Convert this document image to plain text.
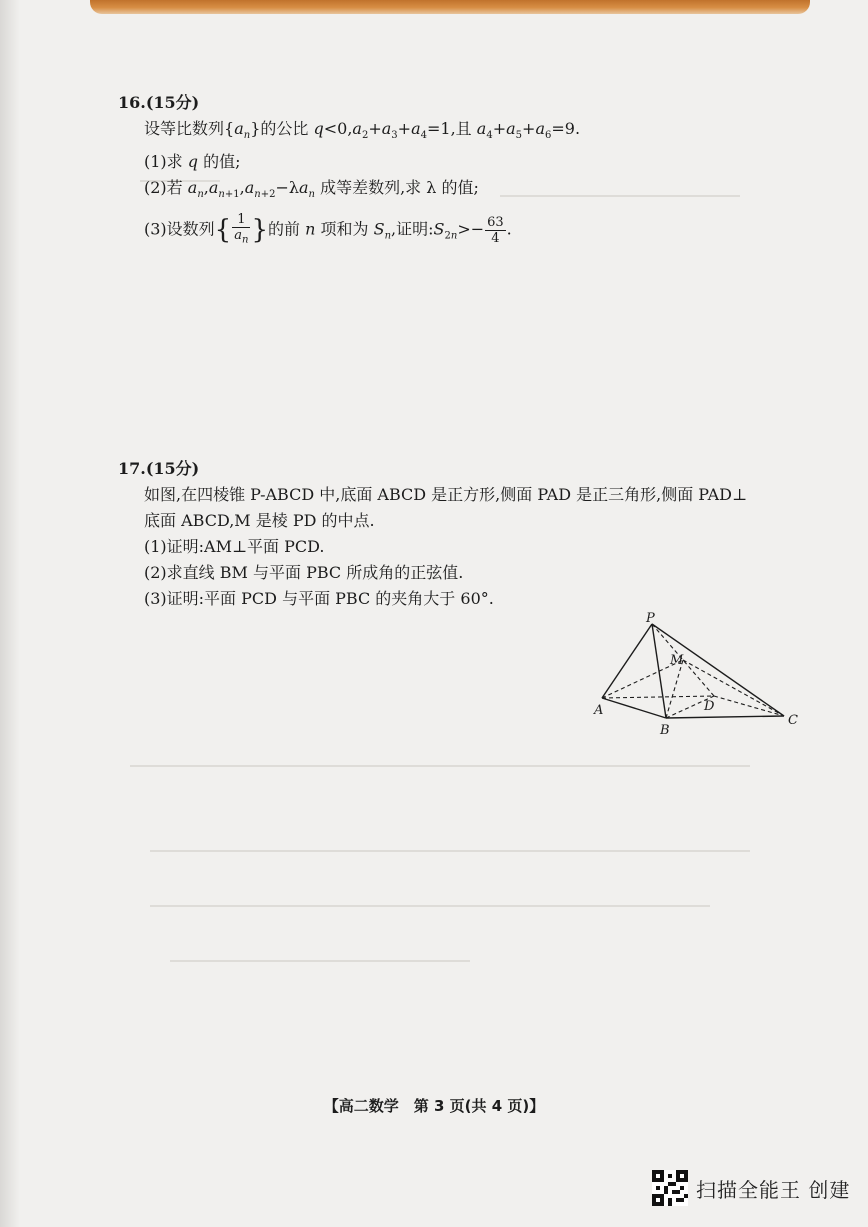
16.(15分)
设等比数列$\{a_n\}$的公比 $q<0,a_2+a_3+a_4=1$,且 $a_4+a_5+a_6=9$.
(1)求 q 的值;
(2)若 $a_n,a_{n+1},a_{n+2}-\lambda a_n$ 成等差数列,求 λ 的值;
(3)设数列{ $\frac{1}{a_n}$ }的前 n 项和为 $S_n$,证明$:S_{2n}>- \frac{63}{4}$ .
17.(15分)
如图,在四棱锥 P-ABCD 中,底面 ABCD 是正方形,侧面 PAD 是正三角形,侧面 PAD⊥
底面 ABCD,M 是棱 PD 的中点.
(1)证明:AM⊥平面 PCD.
(2)求直线 BM 与平面 PBC 所成角的正弦值.
(3)证明:平面 PCD 与平面 PBC 的夹角大于 60°.
P
M
A
B
C
D
【高二数学　第 3 页(共 4 页)】
扫描全能王 创建
